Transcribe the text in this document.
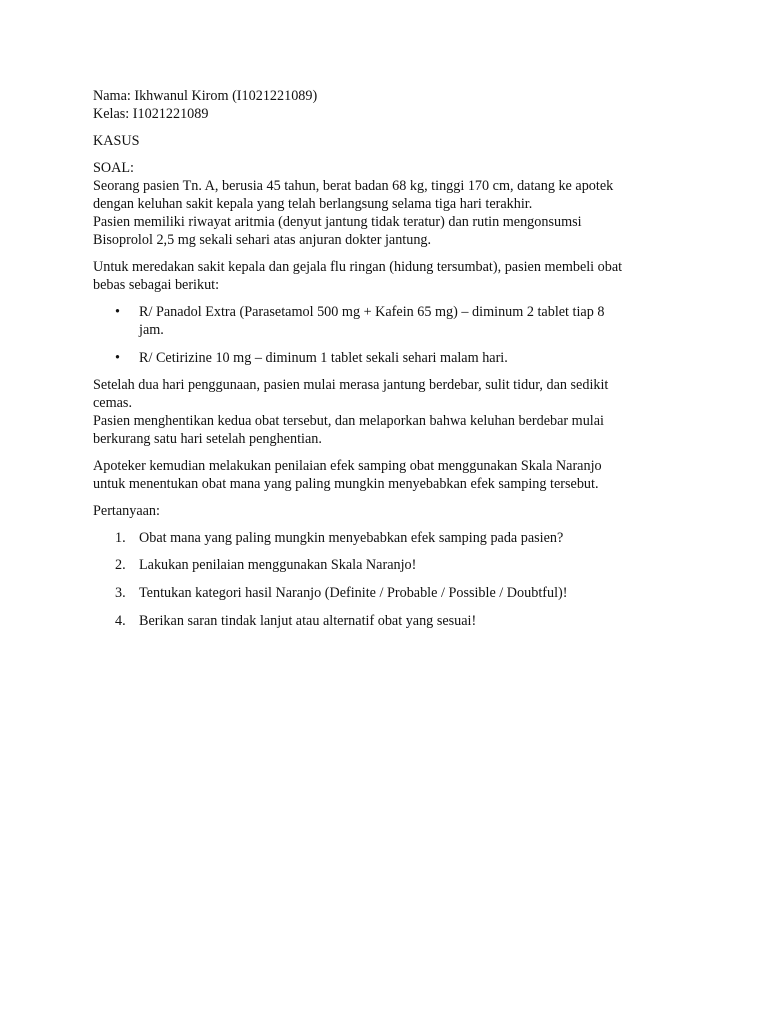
Nama: Ikhwanul Kirom (I1021221089)
Kelas: I1021221089

KASUS

SOAL:
Seorang pasien Tn. A, berusia 45 tahun, berat badan 68 kg, tinggi 170 cm, datang ke apotek
dengan keluhan sakit kepala yang telah berlangsung selama tiga hari terakhir.
Pasien memiliki riwayat aritmia (denyut jantung tidak teratur) dan rutin mengonsumsi
Bisoprolol 2,5 mg sekali sehari atas anjuran dokter jantung.

Untuk meredakan sakit kepala dan gejala flu ringan (hidung tersumbat), pasien membeli obat
bebas sebagai berikut:

• R/ Panadol Extra (Parasetamol 500 mg + Kafein 65 mg) – diminum 2 tablet tiap 8
jam.
• R/ Cetirizine 10 mg – diminum 1 tablet sekali sehari malam hari.

Setelah dua hari penggunaan, pasien mulai merasa jantung berdebar, sulit tidur, dan sedikit
cemas.
Pasien menghentikan kedua obat tersebut, dan melaporkan bahwa keluhan berdebar mulai
berkurang satu hari setelah penghentian.

Apoteker kemudian melakukan penilaian efek samping obat menggunakan Skala Naranjo
untuk menentukan obat mana yang paling mungkin menyebabkan efek samping tersebut.

Pertanyaan:

1. Obat mana yang paling mungkin menyebabkan efek samping pada pasien?
2. Lakukan penilaian menggunakan Skala Naranjo!
3. Tentukan kategori hasil Naranjo (Definite / Probable / Possible / Doubtful)!
4. Berikan saran tindak lanjut atau alternatif obat yang sesuai!
